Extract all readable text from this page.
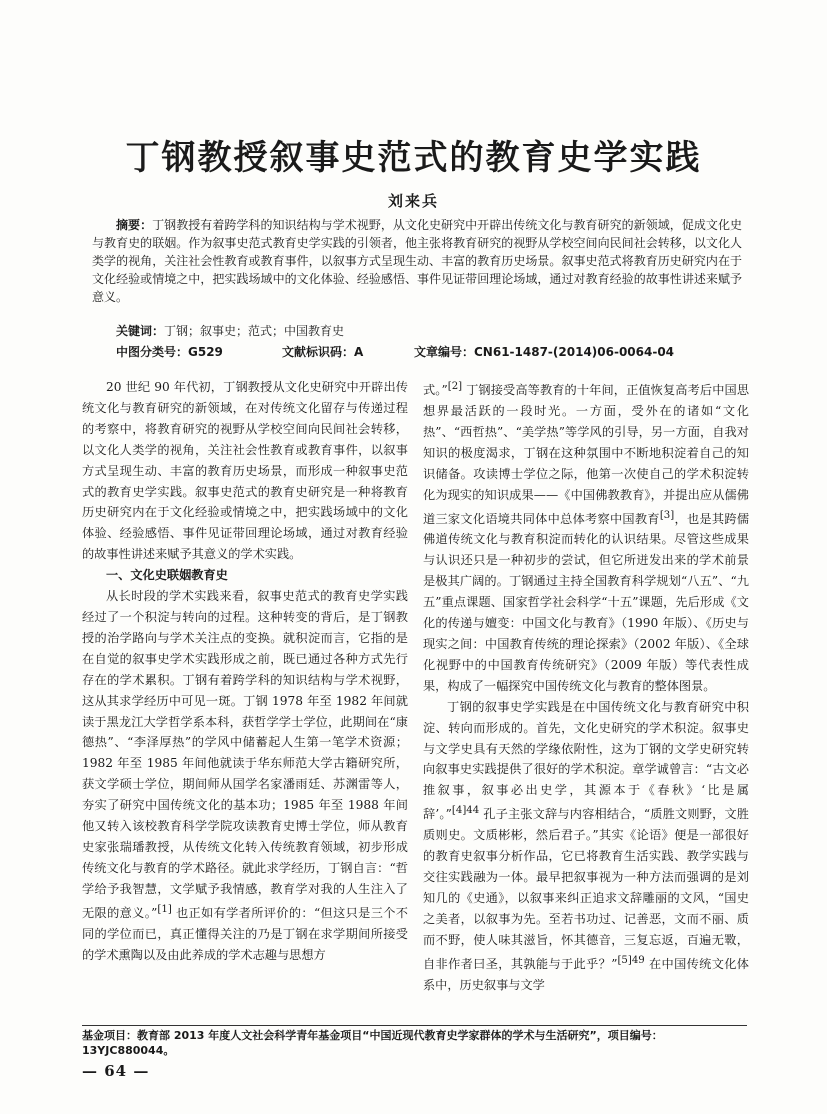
丁钢教授叙事史范式的教育史学实践
刘来兵
摘要：丁钢教授有着跨学科的知识结构与学术视野，从文化史研究中开辟出传统文化与教育研究的新领域，促成文化史与教育史的联姻。作为叙事史范式教育史学实践的引领者，他主张将教育研究的视野从学校空间向民间社会转移，以文化人类学的视角，关注社会性教育或教育事件，以叙事方式呈现生动、丰富的教育历史场景。叙事史范式将教育历史研究内在于文化经验或情境之中，把实践场域中的文化体验、经验感悟、事件见证带回理论场域，通过对教育经验的故事性讲述来赋予意义。
关键词：丁钢；叙事史；范式；中国教育史
中图分类号：G529	文献标识码：A	文章编号：CN61-1487-(2014)06-0064-04

20 世纪 90 年代初，丁钢教授从文化史研究中开辟出传统文化与教育研究的新领域，在对传统文化留存与传递过程的考察中，将教育研究的视野从学校空间向民间社会转移，以文化人类学的视角，关注社会性教育或教育事件，以叙事方式呈现生动、丰富的教育历史场景，而形成一种叙事史范式的教育史学实践。叙事史范式的教育史研究是一种将教育历史研究内在于文化经验或情境之中，把实践场域中的文化体验、经验感悟、事件见证带回理论场域，通过对教育经验的故事性讲述来赋予其意义的学术实践。

一、文化史联姻教育史

从长时段的学术实践来看，叙事史范式的教育史学实践经过了一个积淀与转向的过程。这种转变的背后，是丁钢教授的治学路向与学术关注点的变换。就积淀而言，它指的是在自觉的叙事史学术实践形成之前，既已通过各种方式先行存在的学术累积。丁钢有着跨学科的知识结构与学术视野，这从其求学经历中可见一斑。丁钢 1978 年至 1982 年间就读于黑龙江大学哲学系本科，获哲学学士学位，此期间在“康德热”、“李泽厚热”的学风中储蓄起人生第一笔学术资源；1982 年至 1985 年间他就读于华东师范大学古籍研究所，获文学硕士学位，期间师从国学名家潘雨廷、苏渊雷等人，夯实了研究中国传统文化的基本功；1985 年至 1988 年间他又转入该校教育科学学院攻读教育史博士学位，师从教育史家张瑞璠教授，从传统文化转入传统教育领域，初步形成传统文化与教育的学术路径。就此求学经历，丁钢自言：“哲学给予我智慧，文学赋予我情感，教育学对我的人生注入了无限的意义。”[1] 也正如有学者所评价的：“但这只是三个不同的学位而已，真正懂得关注的乃是丁钢在求学期间所接受的学术熏陶以及由此养成的学术志趣与思想方

式。”[2] 丁钢接受高等教育的十年间，正值恢复高考后中国思想界最活跃的一段时光。一方面，受外在的诸如“文化热”、“西哲热”、“美学热”等学风的引导，另一方面，自我对知识的极度渴求，丁钢在这种氛围中不断地积淀着自己的知识储备。攻读博士学位之际，他第一次使自己的学术积淀转化为现实的知识成果——《中国佛教教育》，并提出应从儒佛道三家文化语境共同体中总体考察中国教育[3]，也是其跨儒佛道传统文化与教育积淀而转化的认识结果。尽管这些成果与认识还只是一种初步的尝试，但它所迸发出来的学术前景是极其广阔的。丁钢通过主持全国教育科学规划“八五”、“九五”重点课题、国家哲学社会科学“十五”课题，先后形成《文化的传递与嬗变：中国文化与教育》（1990 年版）、《历史与现实之间：中国教育传统的理论探索》（2002 年版）、《全球化视野中的中国教育传统研究》（2009 年版）等代表性成果，构成了一幅探究中国传统文化与教育的整体图景。

丁钢的叙事史学实践是在中国传统文化与教育研究中积淀、转向而形成的。首先，文化史研究的学术积淀。叙事史与文学史具有天然的学缘依附性，这为丁钢的文学史研究转向叙事史实践提供了很好的学术积淀。章学诚曾言：“古文必推叙事，叙事必出史学，其源本于《春秋》‘比是属辞’。”$^{[4]44}$ 孔子主张文辞与内容相结合，“质胜文则野，文胜质则史。文质彬彬，然后君子。”其实《论语》便是一部很好的教育史叙事分析作品，它已将教育生活实践、教学实践与交往实践融为一体。最早把叙事视为一种方法而强调的是刘知几的《史通》，以叙事来纠正追求文辞雕丽的文风，“国史之美者，以叙事为先。至若书功过、记善恶，文而不丽、质而不野，使人味其滋旨，怀其德音，三复忘返，百遍无斁，自非作者曰圣，其孰能与于此乎？”$^{[5]49}$ 在中国传统文化体系中，历史叙事与文学

基金项目：教育部 2013 年度人文社会科学青年基金项目“中国近现代教育史学家群体的学术与生活研究”，项目编号：13YJC880044。
— 64 —
